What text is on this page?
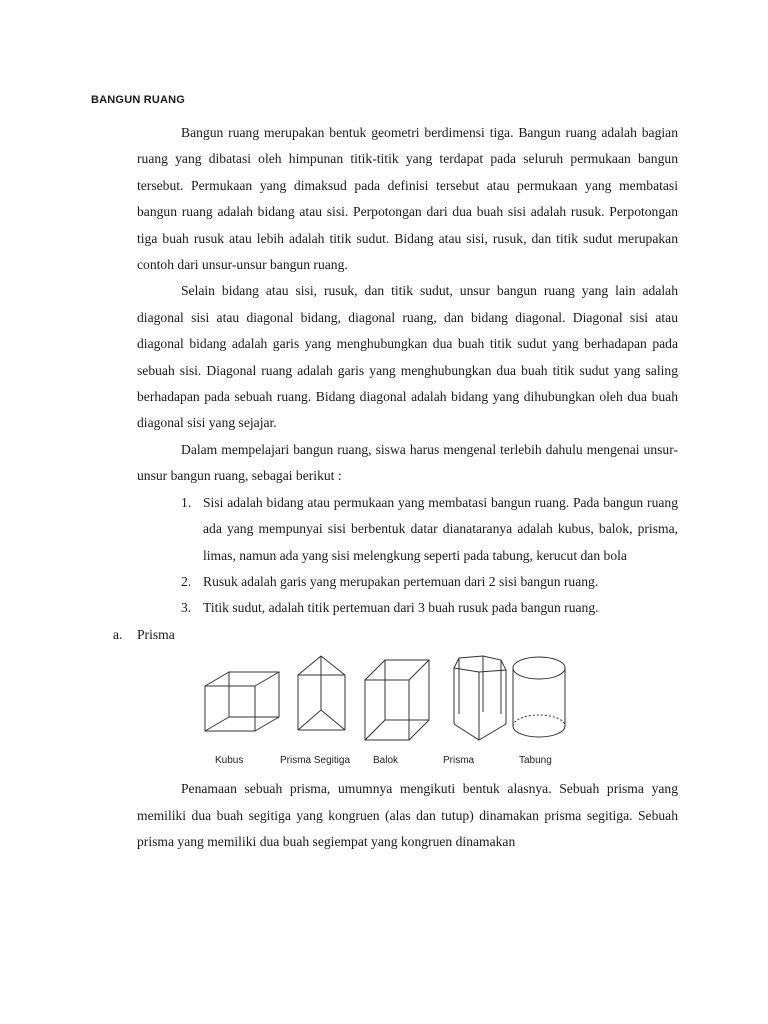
BANGUN RUANG

Bangun ruang merupakan bentuk geometri berdimensi tiga. Bangun ruang adalah bagian ruang yang dibatasi oleh himpunan titik-titik yang terdapat pada seluruh permukaan bangun tersebut. Permukaan yang dimaksud pada definisi tersebut atau permukaan yang membatasi bangun ruang adalah bidang atau sisi. Perpotongan dari dua buah sisi adalah rusuk. Perpotongan tiga buah rusuk atau lebih adalah titik sudut. Bidang atau sisi, rusuk, dan titik sudut merupakan contoh dari unsur-unsur bangun ruang.

Selain bidang atau sisi, rusuk, dan titik sudut, unsur bangun ruang yang lain adalah diagonal sisi atau diagonal bidang, diagonal ruang, dan bidang diagonal. Diagonal sisi atau diagonal bidang adalah garis yang menghubungkan dua buah titik sudut yang berhadapan pada sebuah sisi. Diagonal ruang adalah garis yang menghubungkan dua buah titik sudut yang saling berhadapan pada sebuah ruang. Bidang diagonal adalah bidang yang dihubungkan oleh dua buah diagonal sisi yang sejajar.

Dalam mempelajari bangun ruang, siswa harus mengenal terlebih dahulu mengenai unsur-unsur bangun ruang, sebagai berikut :

1. Sisi adalah bidang atau permukaan yang membatasi bangun ruang. Pada bangun ruang ada yang mempunyai sisi berbentuk datar dianataranya adalah kubus, balok, prisma, limas, namun ada yang sisi melengkung seperti pada tabung, kerucut dan bola
2. Rusuk adalah garis yang merupakan pertemuan dari 2 sisi bangun ruang.
3. Titik sudut, adalah titik pertemuan dari 3 buah rusuk pada bangun ruang.
a. Prisma
Kubus	Prisma Segitiga Balok	Prisma	Tabung

Penamaan sebuah prisma, umumnya mengikuti bentuk alasnya. Sebuah prisma yang memiliki dua buah segitiga yang kongruen (alas dan tutup) dinamakan prisma segitiga. Sebuah prisma yang memiliki dua buah segiempat yang kongruen dinamakan
